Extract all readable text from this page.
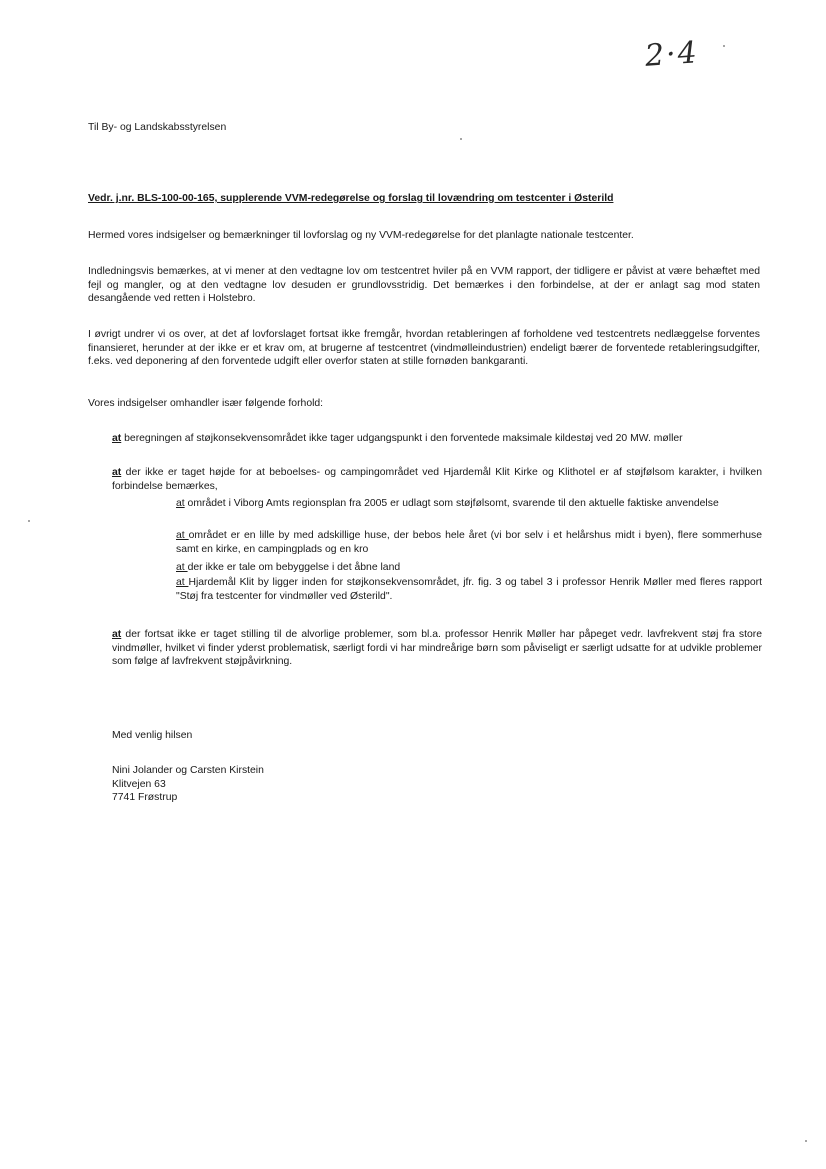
2·4

Til By- og Landskabsstyrelsen

Vedr. j.nr. BLS-100-00-165, supplerende VVM-redegørelse og forslag til lovændring om testcenter i Østerild

Hermed vores indsigelser og bemærkninger til lovforslag og ny VVM-redegørelse for det planlagte nationale testcenter.

Indledningsvis bemærkes, at vi mener at den vedtagne lov om testcentret hviler på en VVM rapport, der tidligere er påvist at være behæftet med fejl og mangler, og at den vedtagne lov desuden er grundlovsstridig. Det bemærkes i den forbindelse, at der er anlagt sag mod staten desangående ved retten i Holstebro.

I øvrigt undrer vi os over, at det af lovforslaget fortsat ikke fremgår, hvordan retableringen af forholdene ved testcentrets nedlæggelse forventes finansieret, herunder at der ikke er et krav om, at brugerne af testcentret (vindmølleindustrien) endeligt bærer de forventede retableringsudgifter, f.eks. ved deponering af den forventede udgift eller overfor staten at stille fornøden bankgaranti.

Vores indsigelser omhandler især følgende forhold:

at beregningen af støjkonsekvensområdet ikke tager udgangspunkt i den forventede maksimale kildestøj ved 20 MW. møller

at der ikke er taget højde for at beboelses- og campingområdet ved Hjardemål Klit Kirke og Klithotel er af støjfølsom karakter, i hvilken forbindelse bemærkes,

at området i Viborg Amts regionsplan fra 2005 er udlagt som støjfølsomt, svarende til den aktuelle faktiske anvendelse

at området er en lille by med adskillige huse, der bebos hele året (vi bor selv i et helårshus midt i byen), flere sommerhuse samt en kirke, en campingplads og en kro

at der ikke er tale om bebyggelse i det åbne land

at Hjardemål Klit by ligger inden for støjkonsekvensområdet, jfr. fig. 3 og tabel 3 i professor Henrik Møller med fleres rapport "Støj fra testcenter for vindmøller ved Østerild".

at der fortsat ikke er taget stilling til de alvorlige problemer, som bl.a. professor Henrik Møller har påpeget vedr. lavfrekvent støj fra store vindmøller, hvilket vi finder yderst problematisk, særligt fordi vi har mindreårige børn som påviseligt er særligt udsatte for at udvikle problemer som følge af lavfrekvent støjpåvirkning.

Med venlig hilsen

Nini Jolander og Carsten Kirstein
Klitvejen 63
7741 Frøstrup
